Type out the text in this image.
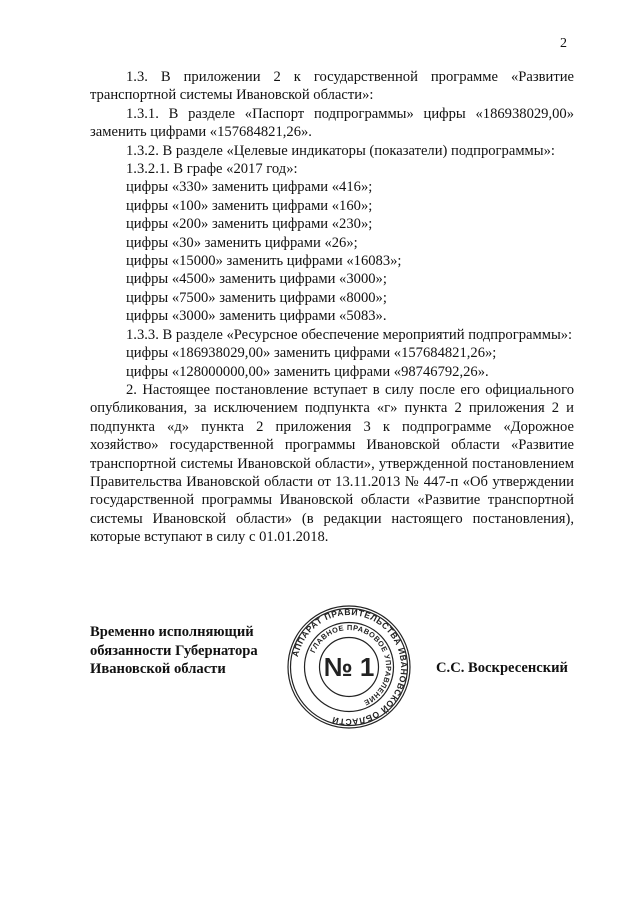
2

1.3. В приложении 2 к государственной программе «Развитие транспортной системы Ивановской области»:

1.3.1. В разделе «Паспорт подпрограммы» цифры «186938029,00» заменить цифрами «157684821,26».

1.3.2. В разделе «Целевые индикаторы (показатели) подпрограммы»:

1.3.2.1. В графе «2017 год»:

цифры «330» заменить цифрами «416»;

цифры «100» заменить цифрами «160»;

цифры «200» заменить цифрами «230»;

цифры «30» заменить цифрами «26»;

цифры «15000» заменить цифрами «16083»;

цифры «4500» заменить цифрами «3000»;

цифры «7500» заменить цифрами «8000»;

цифры «3000» заменить цифрами «5083».

1.3.3. В разделе «Ресурсное обеспечение мероприятий подпрограммы»:

цифры «186938029,00» заменить цифрами «157684821,26»;

цифры «128000000,00» заменить цифрами «98746792,26».

2. Настоящее постановление вступает в силу после его официального опубликования, за исключением подпункта «г» пункта 2 приложения 2 и подпункта «д» пункта 2 приложения 3 к подпрограмме «Дорожное хозяйство» государственной программы Ивановской области «Развитие транспортной системы Ивановской области», утвержденной постановлением Правительства Ивановской области от 13.11.2013 № 447-п «Об утверждении государственной программы Ивановской области «Развитие транспортной системы Ивановской области» (в редакции настоящего постановления), которые вступают в силу с 01.01.2018.

Временно исполняющий
обязанности Губернатора
Ивановской области
АППАРАТ ПРАВИТЕЛЬСТВА ИВАНОВСКОЙ ОБЛАСТИ
ГЛАВНОЕ ПРАВОВОЕ УПРАВЛЕНИЕ
№ 1	С.С. Воскресенский
